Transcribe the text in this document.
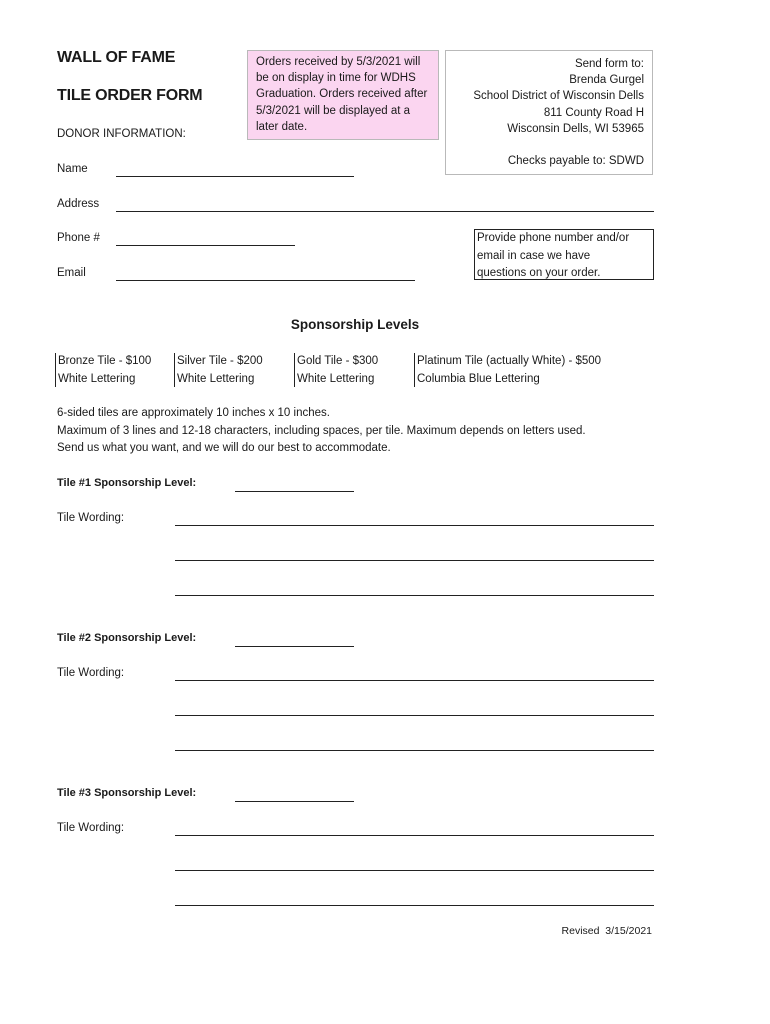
WALL OF FAME
TILE ORDER FORM
DONOR INFORMATION:
Orders received by 5/3/2021 will
be on display in time for WDHS
Graduation. Orders received after
5/3/2021 will be displayed at a
later date.
Send form to:
Brenda Gurgel
School District of Wisconsin Dells
811 County Road H
Wisconsin Dells, WI 53965
Checks payable to: SDWD
Name
Address
Phone #
Email
Provide phone number and/or
email in case we have
questions on your order.
Sponsorship Levels
Bronze Tile - $100
White Lettering
Silver Tile - $200
White Lettering
Gold Tile - $300
White Lettering
Platinum Tile (actually White) - $500
Columbia Blue Lettering
6-sided tiles are approximately 10 inches x 10 inches.
Maximum of 3 lines and 12-18 characters, including spaces, per tile. Maximum depends on letters used.
Send us what you want, and we will do our best to accommodate.
Tile #1 Sponsorship Level:
Tile Wording:
Tile #2 Sponsorship Level:
Tile Wording:
Tile #3 Sponsorship Level:
Tile Wording:
Revised  3/15/2021
